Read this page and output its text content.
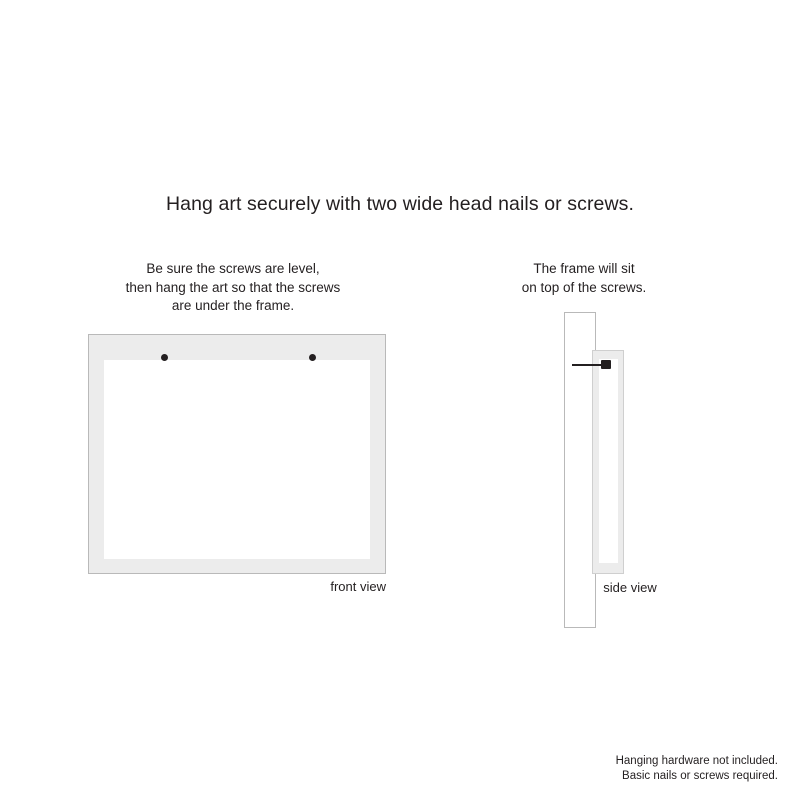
Hang art securely with two wide head nails or screws.
Be sure the screws are level,
then hang the art so that the screws
are under the frame.
The frame will sit
on top of the screws.
front view	side view
Hanging hardware not included.
Basic nails or screws required.
